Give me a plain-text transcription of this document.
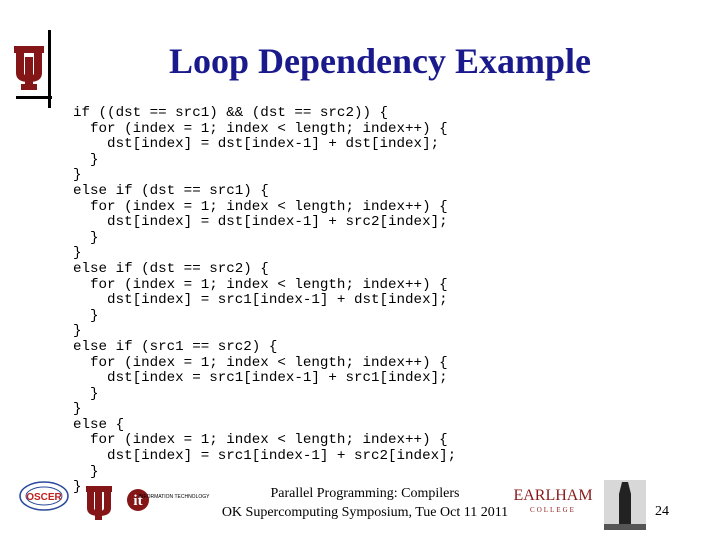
Loop Dependency Example
if ((dst == src1) && (dst == src2)) {
for (index = 1; index < length; index++) {
dst[index] = dst[index-1] + dst[index];
}
}
else if (dst == src1) {
for (index = 1; index < length; index++) {
dst[index] = dst[index-1] + src2[index];
}
}
else if (dst == src2) {
for (index = 1; index < length; index++) {
dst[index] = src1[index-1] + dst[index];
}
}
else if (src1 == src2) {
for (index = 1; index < length; index++) {
dst[index = src1[index-1] + src1[index];
}
}
else {
for (index = 1; index < length; index++) {
dst[index] = src1[index-1] + src2[index];
}
}

OSCER	it
INFORMATION TECHNOLOGY	Parallel Programming: Compilers
OK Supercomputing Symposium, Tue Oct 11 2011
EARLHAM
COLLEGE	24
